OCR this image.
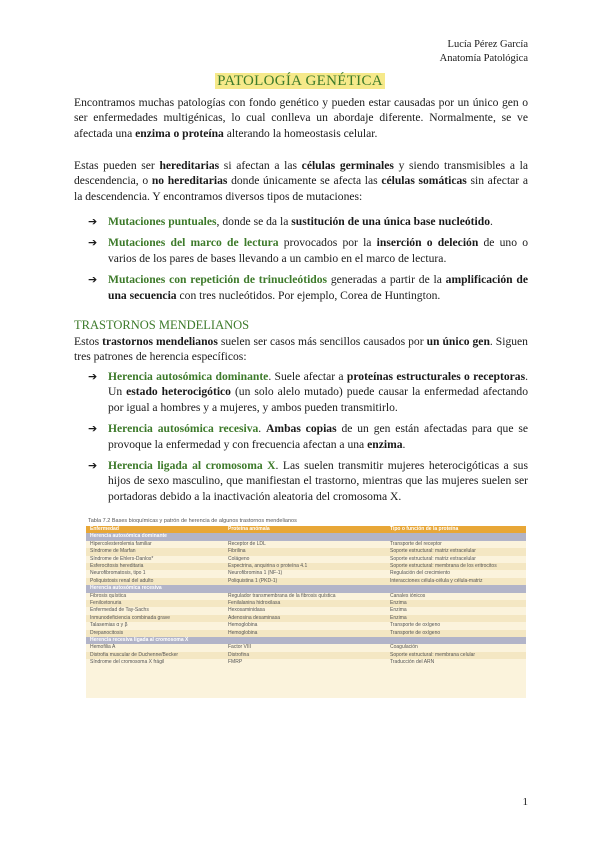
Lucía Pérez García
Anatomía Patológica
PATOLOGÍA GENÉTICA

Encontramos muchas patologías con fondo genético y pueden estar causadas por un único gen o ser enfermedades multigénicas, lo cual conlleva un abordaje diferente. Normalmente, se ve afectada una enzima o proteína alterando la homeostasis celular.

Estas pueden ser hereditarias si afectan a las células germinales y siendo transmisibles a la descendencia, o no hereditarias donde únicamente se afecta las células somáticas sin afectar a la descendencia. Y encontramos diversos tipos de mutaciones:

➔ Mutaciones puntuales, donde se da la sustitución de una única base nucleótido.
➔ Mutaciones del marco de lectura provocados por la inserción o deleción de uno o varios de los pares de bases llevando a un cambio en el marco de lectura.
➔ Mutaciones con repetición de trinucleótidos generadas a partir de la amplificación de una secuencia con tres nucleótidos. Por ejemplo, Corea de Huntington.
TRASTORNOS MENDELIANOS

Estos trastornos mendelianos suelen ser casos más sencillos causados por un único gen. Siguen tres patrones de herencia específicos:

➔ Herencia autosómica dominante. Suele afectar a proteínas estructurales o receptoras. Un estado heterocigótico (un solo alelo mutado) puede causar la enfermedad afectando por igual a hombres y a mujeres, y ambos pueden transmitirlo.
➔ Herencia autosómica recesiva. Ambas copias de un gen están afectadas para que se provoque la enfermedad y con frecuencia afectan a una enzima.
➔ Herencia ligada al cromosoma X. Las suelen transmitir mujeres heterocigóticas a sus hijos de sexo masculino, que manifiestan el trastorno, mientras que las mujeres suelen ser portadoras debido a la inactivación aleatoria del cromosoma X.
Tabla 7.2 Bases bioquímicas y patrón de herencia de algunos trastornos mendelianos
Enfermedad	Proteína anómala	Tipo o función de la proteína
Herencia autosómica dominante
Hipercolesterolemia familiar	Receptor de LDL	Transporte del receptor
Síndrome de Marfan	Fibrilina	Soporte estructural: matriz extracelular
Síndrome de Ehlers-Danlos*	Colágeno	Soporte estructural: matriz extracelular
Esferocitosis hereditaria	Espectrina, anquirina o proteína 4.1	Soporte estructural: membrana de los eritrocitos
Neurofibromatosis, tipo 1	Neurofibromina 1 (NF-1)	Regulación del crecimiento
Poliquistosis renal del adulto	Poliquistina 1 (PKD-1)	Interacciones célula-célula y célula-matriz
Herencia autosómica recesiva
Fibrosis quística	Regulador transmembrana de la fibrosis quística	Canales iónicos
Fenilcetonuria	Fenilalanina hidroxilasa	Enzima
Enfermedad de Tay-Sachs	Hexosaminidasa	Enzima
Inmunodeficiencia combinada grave	Adenosina desaminasa	Enzima
Talasemias α y β	Hemoglobina	Transporte de oxígeno
Drepanocitosis	Hemoglobina	Transporte de oxígeno
Herencia recesiva ligada al cromosoma X
Hemofilia A	Factor VIII	Coagulación
Distrofia muscular de Duchenne/Becker	Distrofina	Soporte estructural: membrana celular
Síndrome del cromosoma X frágil	FMRP	Traducción del ARN
1
